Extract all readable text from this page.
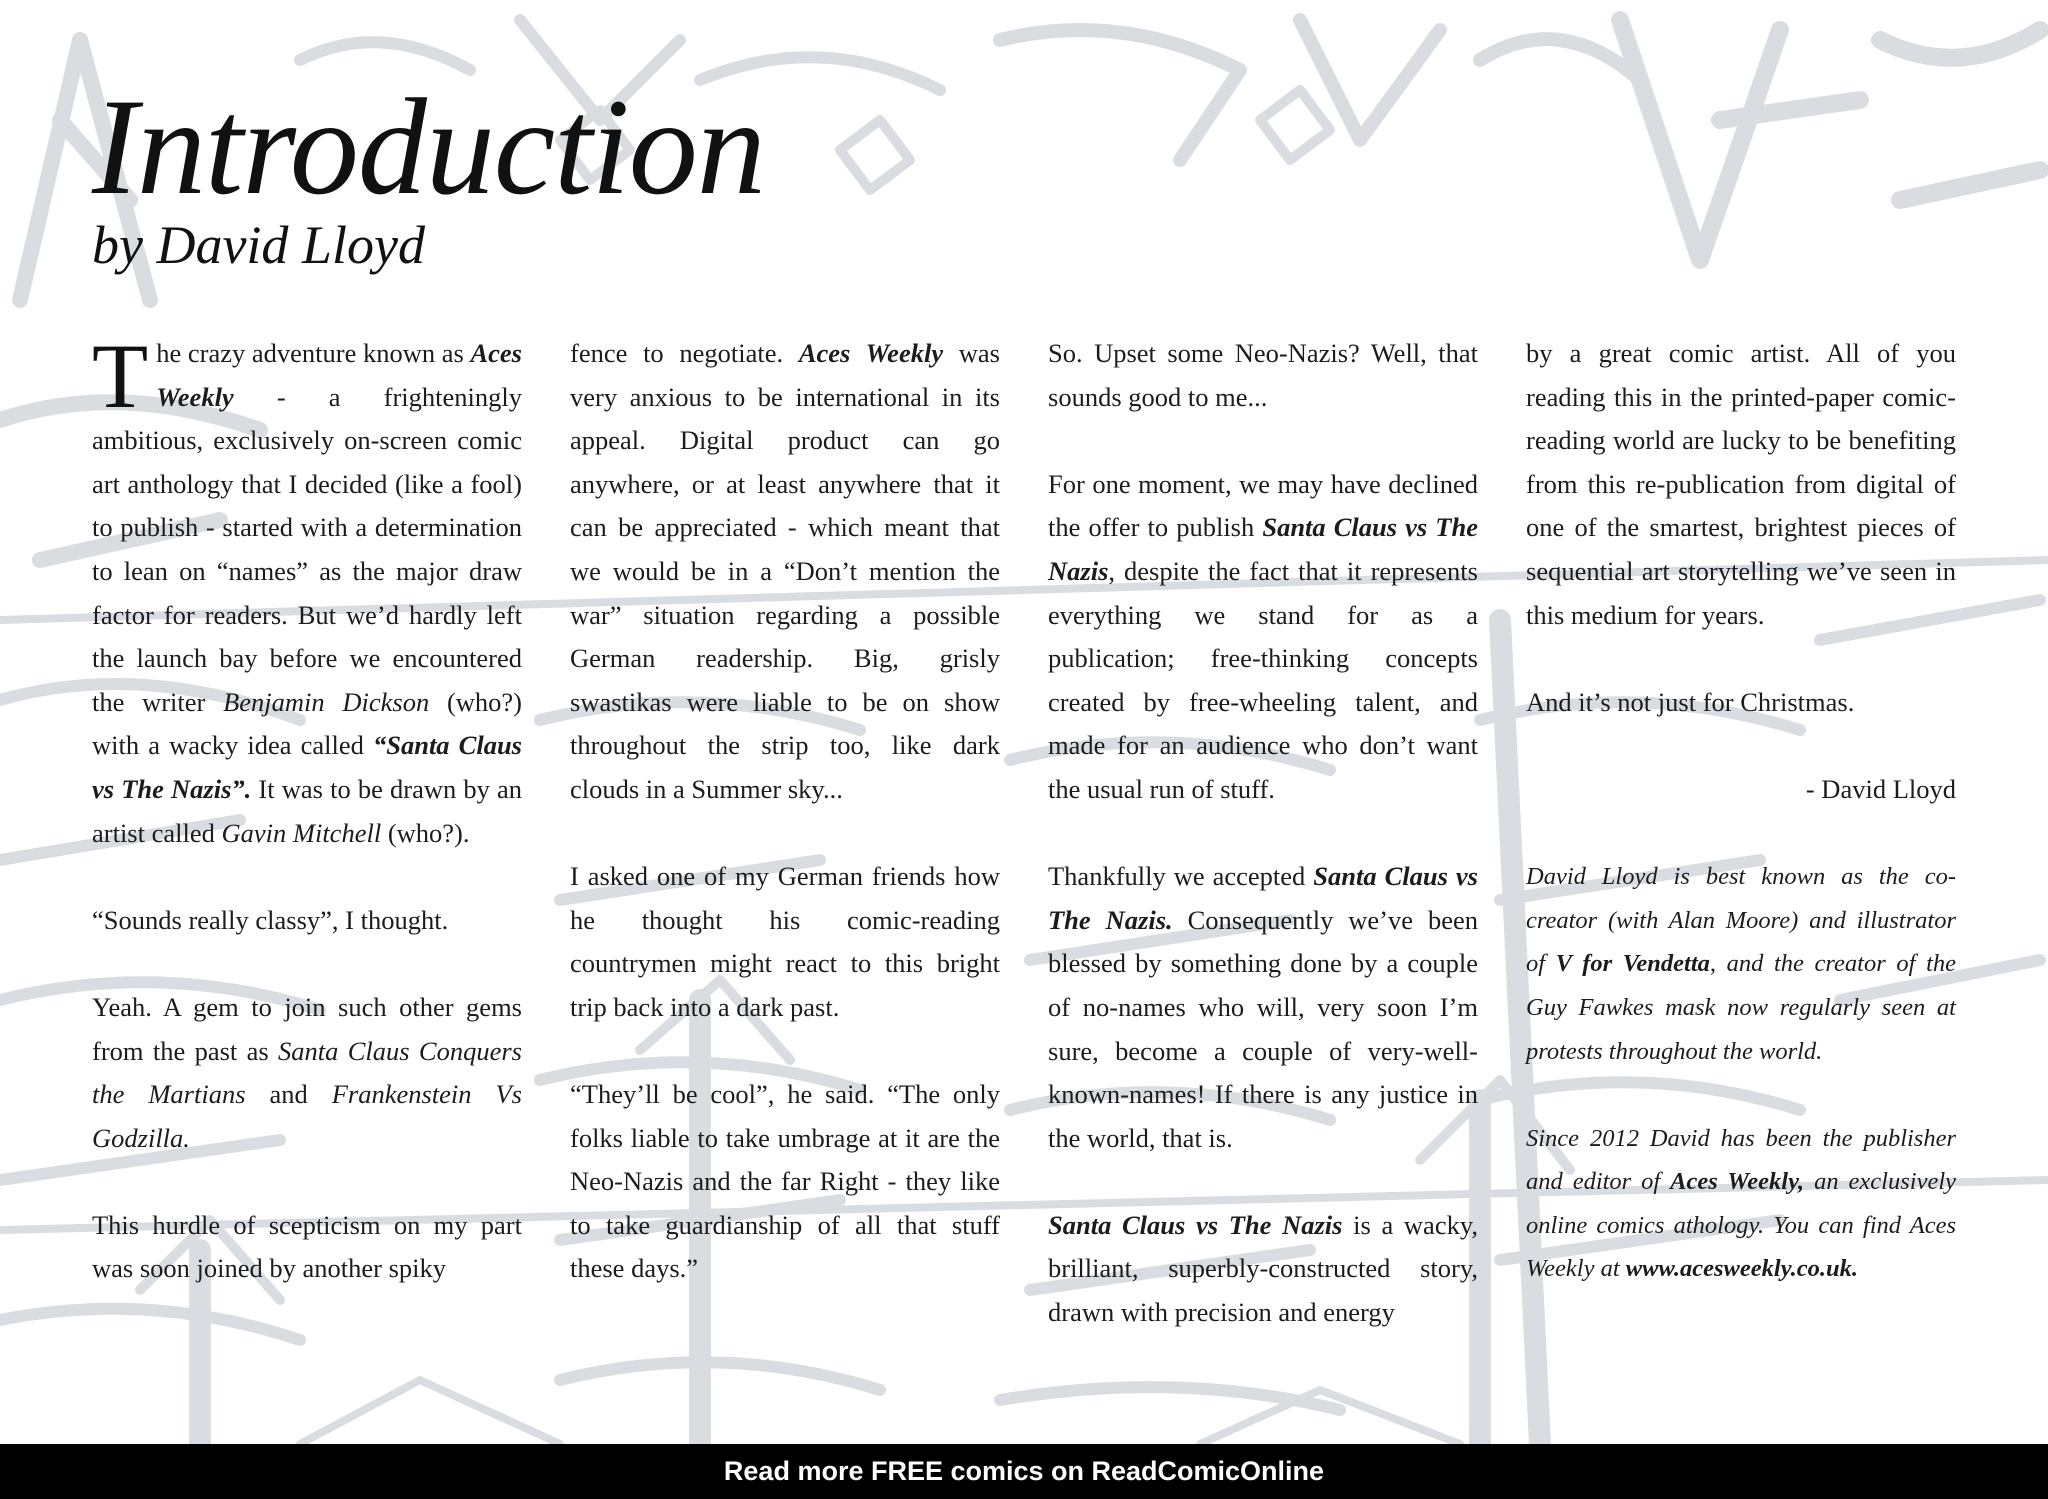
Introduction
by David Lloyd

The crazy adventure known as Aces Weekly - a frighteningly ambitious, exclusively on-screen comic art anthology that I decided (like a fool) to publish - started with a determination to lean on “names” as the major draw factor for readers. But we’d hardly left the launch bay before we encountered the writer Benjamin Dickson (who?) with a wacky idea called “Santa Claus vs The Nazis”. It was to be drawn by an artist called Gavin Mitchell (who?).

“Sounds really classy”, I thought.

Yeah. A gem to join such other gems from the past as Santa Claus Conquers the Martians and Frankenstein Vs Godzilla.

This hurdle of scepticism on my part was soon joined by another spiky

fence to negotiate. Aces Weekly was very anxious to be international in its appeal. Digital product can go anywhere, or at least anywhere that it can be appreciated - which meant that we would be in a “Don’t mention the war” situation regarding a possible German readership. Big, grisly swastikas were liable to be on show throughout the strip too, like dark clouds in a Summer sky...

I asked one of my German friends how he thought his comic-reading countrymen might react to this bright trip back into a dark past.

“They’ll be cool”, he said. “The only folks liable to take umbrage at it are the Neo-Nazis and the far Right - they like to take guardianship of all that stuff these days.”

So. Upset some Neo-Nazis? Well, that sounds good to me...

For one moment, we may have declined the offer to publish Santa Claus vs The Nazis, despite the fact that it represents everything we stand for as a publication; free-thinking concepts created by free-wheeling talent, and made for an audience who don’t want the usual run of stuff.

Thankfully we accepted Santa Claus vs The Nazis. Consequently we’ve been blessed by something done by a couple of no-names who will, very soon I’m sure, become a couple of very-well-known-names! If there is any justice in the world, that is.

Santa Claus vs The Nazis is a wacky, brilliant, superbly-constructed story, drawn with precision and energy

by a great comic artist. All of you reading this in the printed-paper comic-reading world are lucky to be benefiting from this re-publication from digital of one of the smartest, brightest pieces of sequential art storytelling we’ve seen in this medium for years.

And it’s not just for Christmas.

- David Lloyd

David Lloyd is best known as the co-creator (with Alan Moore) and illustrator of V for Vendetta, and the creator of the Guy Fawkes mask now regularly seen at protests throughout the world.

Since 2012 David has been the publisher and editor of Aces Weekly, an exclusively online comics athology. You can find Aces Weekly at www.acesweekly.co.uk.

Read more FREE comics on ReadComicOnline
